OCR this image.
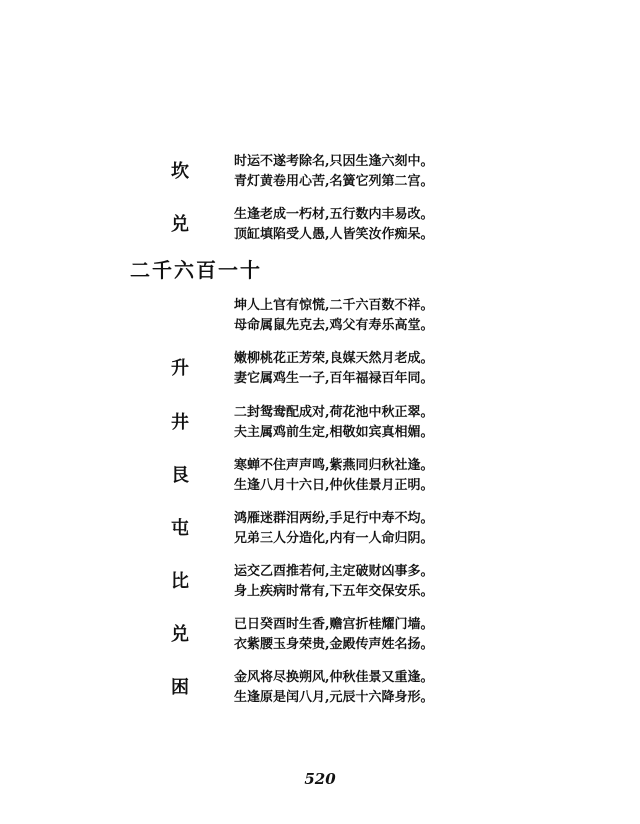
坎	时运不遂考除名,只因生逢六刻中。
青灯黄卷用心苦,名簧它列第二宫。
兑	生逢老成一朽材,五行数内丰易改。
顶缸填陷受人愚,人皆笑汝作痴呆。
二千六百一十
坤人上官有惊慌,二千六百数不祥。
母命属鼠先克去,鸡父有寿乐高堂。
升	嫩柳桃花正芳荣,良媒天然月老成。
妻它属鸡生一子,百年福禄百年同。
井	二封鸳鸯配成对,荷花池中秋正翠。
夫主属鸡前生定,相敬如宾真相媚。
艮	寒蝉不住声声鸣,紫燕同归秋社逢。
生逢八月十六日,仲伙佳景月正明。
屯	鸿雁迷群泪两纷,手足行中寿不均。
兄弟三人分造化,内有一人命归阴。
比	运交乙酉推若何,主定破财凶事多。
身上疾病时常有,下五年交保安乐。
兑	已日癸酉时生香,赡宫折桂耀门墙。
衣紫腰玉身荣贵,金殿传声姓名扬。
困	金风将尽换朔风,仲秋佳景又重逢。
生逢原是闰八月,元辰十六降身形。
520
